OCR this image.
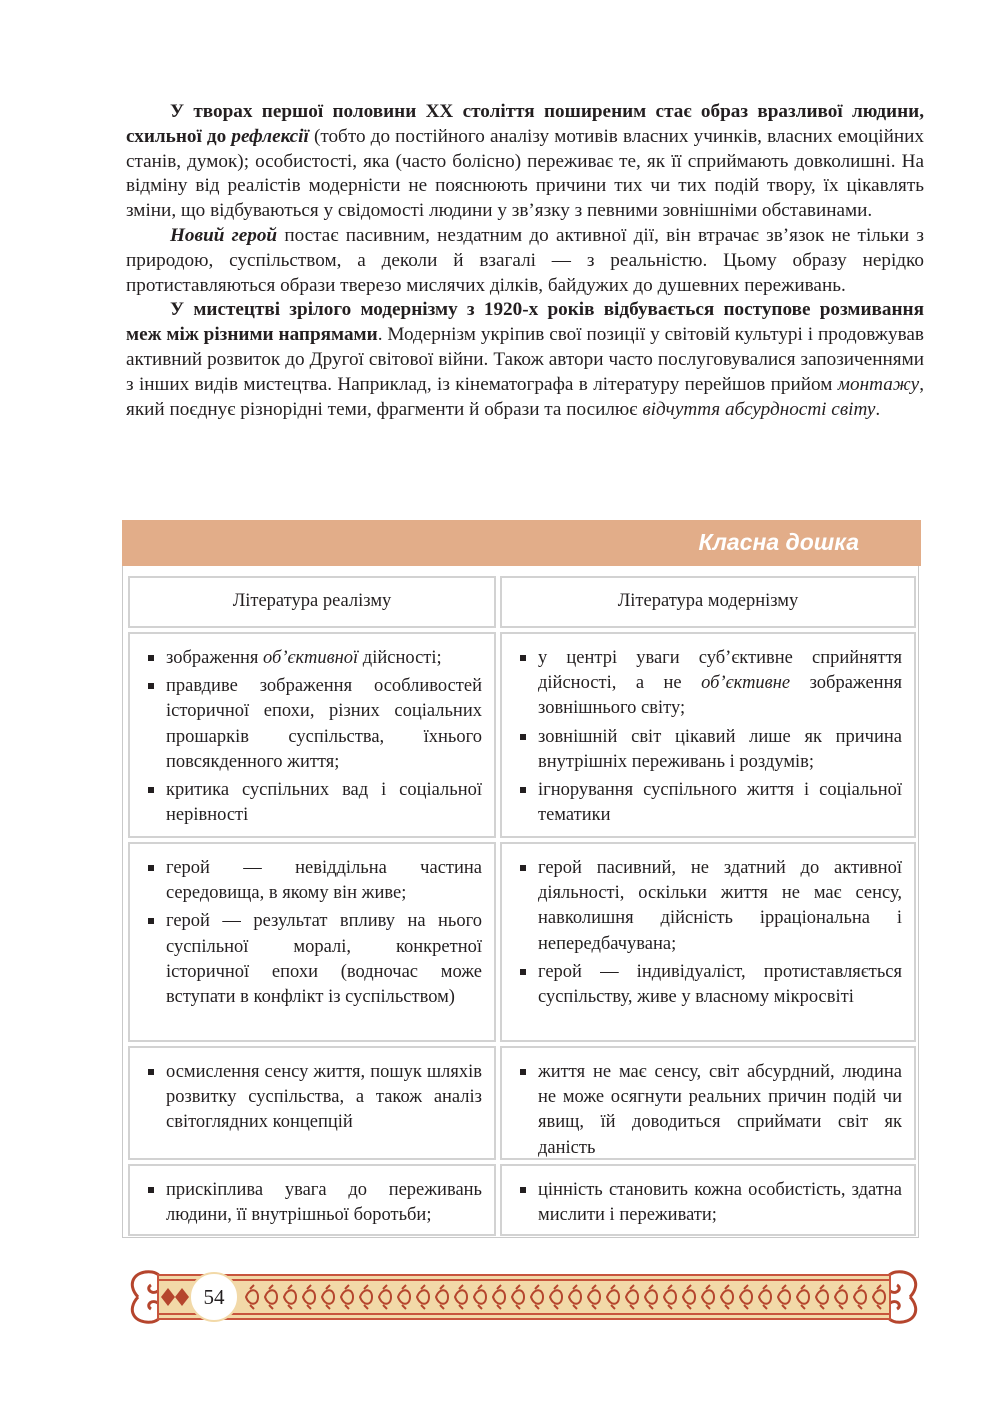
У творах першої половини ХХ століття поширеним стає образ вразливої людини, схильної до рефлексії (тобто до постійного аналізу мотивів власних учинків, власних емоційних станів, думок); особистості, яка (часто болісно) переживає те, як її сприймають довколишні. На відміну від реалістів модерністи не пояснюють причини тих чи тих подій твору, їх цікавлять зміни, що відбуваються у свідомості людини у зв’язку з певними зовнішніми обставинами.

Новий герой постає пасивним, нездатним до активної дії, він втрачає зв’язок не тільки з природою, суспільством, а деколи й взагалі — з реальністю. Цьому образу нерідко протиставляються образи тверезо мислячих ділків, байдужих до душевних переживань.

У мистецтві зрілого модернізму з 1920-х років відбувається поступове розмивання меж між різними напрямами. Модернізм укріпив свої позиції у світовій культурі і продовжував активний розвиток до Другої світової війни. Також автори часто послуговувалися запозиченнями з інших видів мистецтва. Наприклад, із кінематографа в літературу перейшов прийом монтажу, який поєднує різнорідні теми, фрагменти й образи та посилює відчуття абсурдності світу.

Класна дошка
Література реалізму	Література модернізму
зображення об’єктивної дійсності;
правдиве зображення особливостей історичної епохи, різних соціальних прошарків суспільства, їхнього повсякденного життя;
критика суспільних вад і соціальної нерівності
у центрі уваги суб’єктивне сприйняття дійсності, а не об’єктивне зображення зовнішнього світу;
зовнішній світ цікавий лише як причина внутрішніх переживань і роздумів;
ігнорування суспільного життя і соціальної тематики
герой — невіддільна частина середовища, в якому він живе;
герой — результат впливу на нього суспільної моралі, конкретної історичної епохи (водночас може вступати в конфлікт із суспільством)
герой пасивний, не здатний до активної діяльності, оскільки життя не має сенсу, навколишня дійсність ірраціональна і непередбачувана;
герой — індивідуаліст, протиставляється суспільству, живе у власному мікросвіті
осмислення сенсу життя, пошук шляхів розвитку суспільства, а також аналіз світоглядних концепцій
життя не має сенсу, світ абсурдний, людина не може осягнути реальних причин подій чи явищ, їй доводиться сприймати світ як даність
прискіплива увага до переживань людини, її внутрішньої боротьби;
цінність становить кожна особистість, здатна мислити і переживати;
54
